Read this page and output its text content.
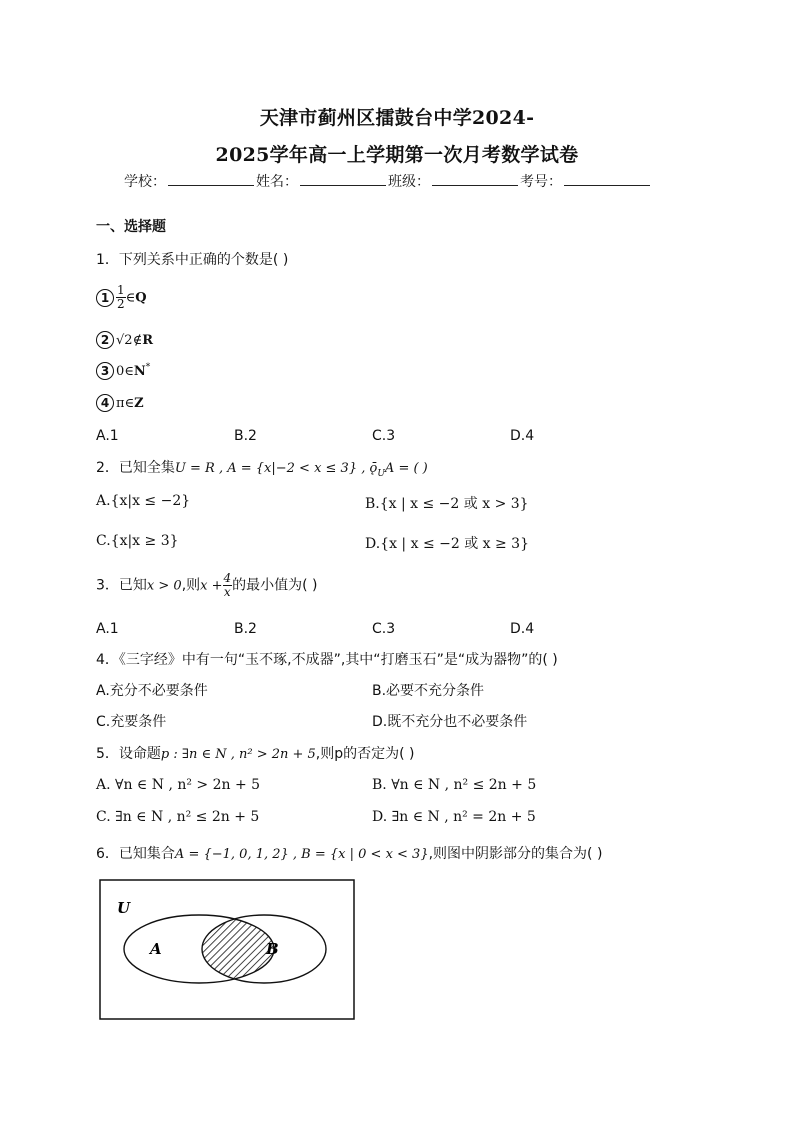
天津市蓟州区擂鼓台中学2024-
2025学年高一上学期第一次月考数学试卷
学校：	姓名：	班级：	考号：
一、选择题
1．下列关系中正确的个数是( )
$1 \frac{1}{2}$ ∈Q
2 √2∉R
3 0∈N*
4 π∈Z
A.1	B.2	C.3	D.4
2．已知全集U = R , A = {x|−2 < x ≤ 3} , $ǭ_UA$ = ( )
A.{x|x ≤ −2}	B.{x | x ≤ −2 或 x > 3}
C.{x|x ≥ 3}	D.{x | x ≤ −2 或 x ≥ 3}
3．已知x > 0,则$x + \frac{4}{x}$ 的最小值为( )
A.1	B.2	C.3	D.4
4．《三字经》中有一句“玉不琢,不成器”,其中“打磨玉石”是“成为器物”的( )
A.充分不必要条件	B.必要不充分条件
C.充要条件	D.既不充分也不必要条件
5．设命题p : ∃n ∈ N , n² > 2n + 5,则p的否定为( )
A. ∀n ∈ N , n² > 2n + 5	B. ∀n ∈ N , n² ≤ 2n + 5
C. ∃n ∈ N , n² ≤ 2n + 5	D. ∃n ∈ N , n² = 2n + 5
6．已知集合A = {−1, 0, 1, 2} , B = {x | 0 < x < 3},则图中阴影部分的集合为( )
U
A	B
